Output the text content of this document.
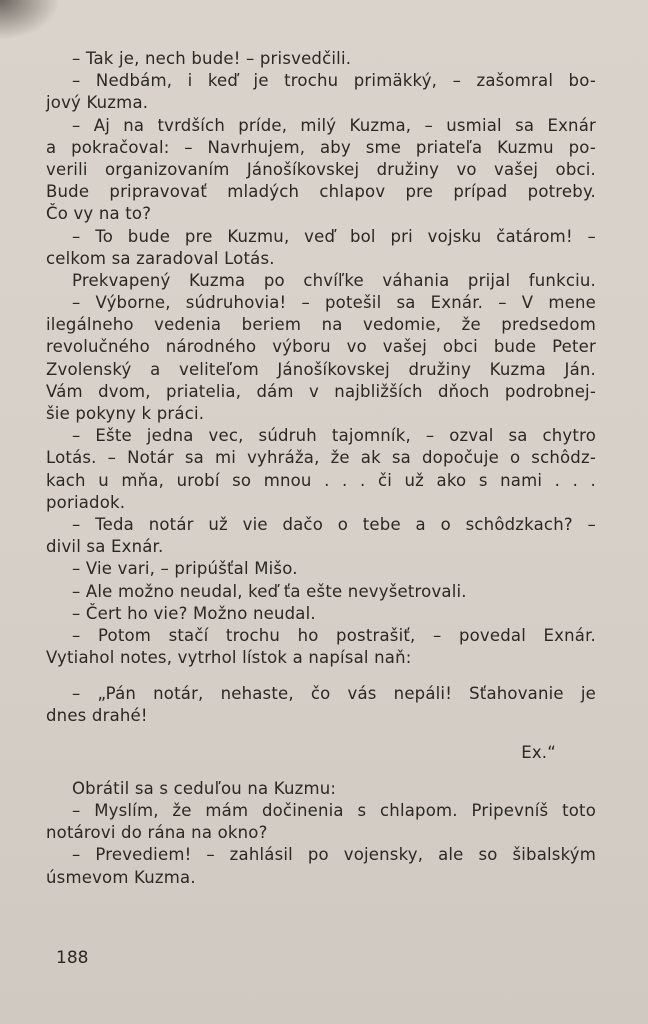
– Tak je, nech bude! – prisvedčili.
– Nedbám, i keď je trochu primäkký, – zašomral bo-
jový Kuzma.
– Aj na tvrdších príde, milý Kuzma, – usmial sa Exnár
a pokračoval: – Navrhujem, aby sme priateľa Kuzmu po-
verili organizovaním Jánošíkovskej družiny vo vašej obci.
Bude pripravovať mladých chlapov pre prípad potreby.
Čo vy na to?
– To bude pre Kuzmu, veď bol pri vojsku čatárom! –
celkom sa zaradoval Lotás.
Prekvapený Kuzma po chvíľke váhania prijal funkciu.
– Výborne, súdruhovia! – potešil sa Exnár. – V mene
ilegálneho vedenia beriem na vedomie, že predsedom
revolučného národného výboru vo vašej obci bude Peter
Zvolenský a veliteľom Jánošíkovskej družiny Kuzma Ján.
Vám dvom, priatelia, dám v najbližších dňoch podrobnej-
šie pokyny k práci.
– Ešte jedna vec, súdruh tajomník, – ozval sa chytro
Lotás. – Notár sa mi vyhráža, že ak sa dopočuje o schôdz-
kach u mňa, urobí so mnou . . . či už ako s nami . . .
poriadok.
– Teda notár už vie dačo o tebe a o schôdzkach? –
divil sa Exnár.
– Vie vari, – pripúšťal Mišo.
– Ale možno neudal, keď ťa ešte nevyšetrovali.
– Čert ho vie? Možno neudal.
– Potom stačí trochu ho postrašiť, – povedal Exnár.
Vytiahol notes, vytrhol lístok a napísal naň:
– „Pán notár, nehaste, čo vás nepáli! Sťahovanie je
dnes drahé!
Ex.“
Obrátil sa s ceduľou na Kuzmu:
– Myslím, že mám dočinenia s chlapom. Pripevníš toto
notárovi do rána na okno?
– Prevediem! – zahlásil po vojensky, ale so šibalským
úsmevom Kuzma.
188
